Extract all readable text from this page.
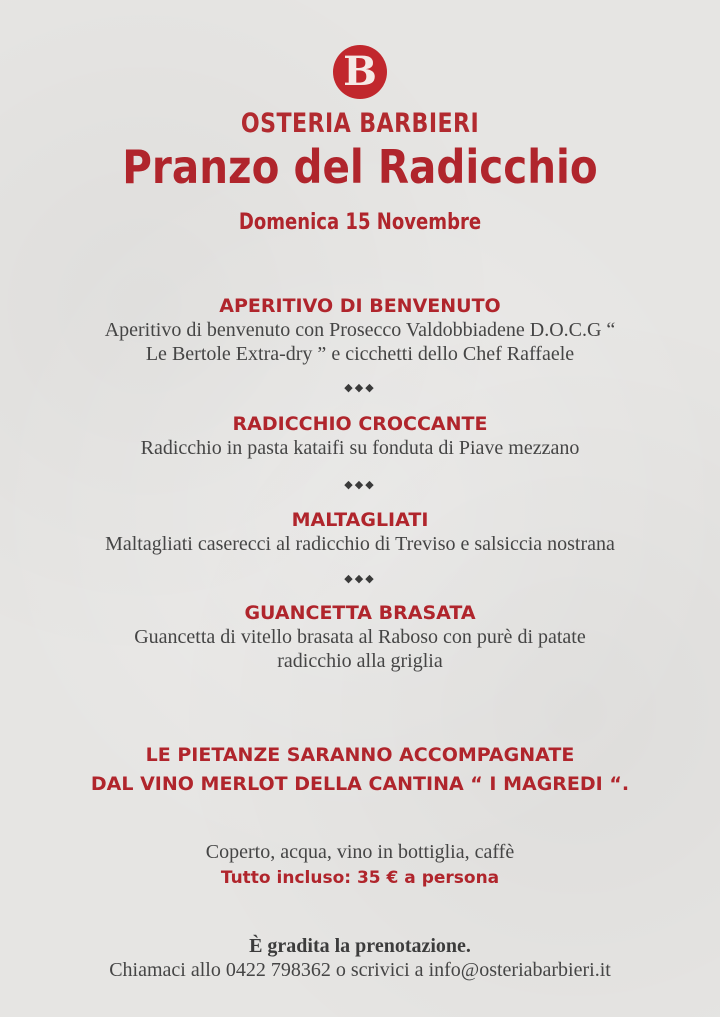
B
OSTERIA BARBIERI
Pranzo del Radicchio
Domenica 15 Novembre
APERITIVO DI BENVENUTO
Aperitivo di benvenuto con Prosecco Valdobbiadene D.O.C.G “
Le Bertole Extra-dry ” e cicchetti dello Chef Raffaele
◆◆◆
RADICCHIO CROCCANTE
Radicchio in pasta kataifi su fonduta di Piave mezzano
◆◆◆
MALTAGLIATI
Maltagliati caserecci al radicchio di Treviso e salsiccia nostrana
◆◆◆
GUANCETTA BRASATA
Guancetta di vitello brasata al Raboso con purè di patate
radicchio alla griglia
LE PIETANZE SARANNO ACCOMPAGNATE
DAL VINO MERLOT DELLA CANTINA “ I MAGREDI “.
Coperto, acqua, vino in bottiglia, caffè
Tutto incluso: 35 € a persona
È gradita la prenotazione.
Chiamaci allo 0422 798362 o scrivici a info@osteriabarbieri.it
